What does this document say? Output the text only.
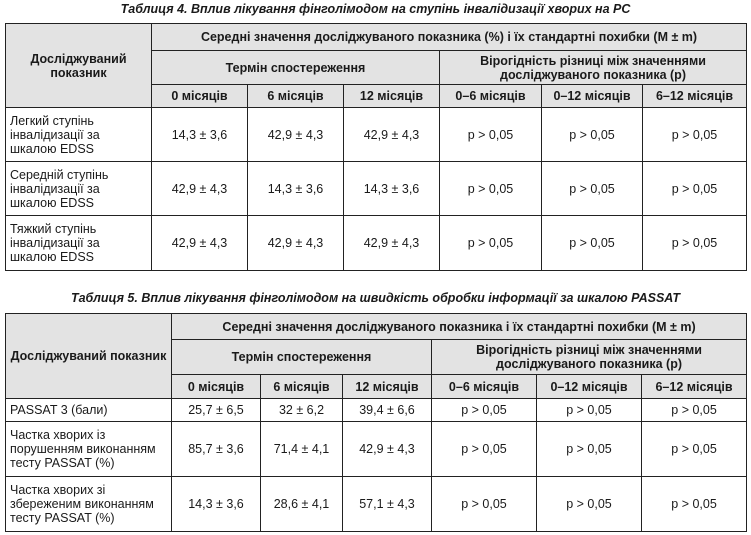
Таблиця 4. Вплив лікування фінголімодом на ступінь інвалідизації хворих на РС
Досліджуваний показник	Середні значення досліджуваного показника (%) і їх стандартні похибки (M ± m)					
	Термін спостереження			Вірогідність різниці між значеннями досліджуваного показника (p)		
	0 місяців	6 місяців	12 місяців	0–6 місяців	0–12 місяців	6–12 місяців
Легкий ступінь інвалідизації за шкалою EDSS	14,3 ± 3,6	42,9 ± 4,3	42,9 ± 4,3	p > 0,05	p > 0,05	p > 0,05
Середній ступінь інвалідизації за шкалою EDSS	42,9 ± 4,3	14,3 ± 3,6	14,3 ± 3,6	p > 0,05	p > 0,05	p > 0,05
Тяжкий ступінь інвалідизації за шкалою EDSS	42,9 ± 4,3	42,9 ± 4,3	42,9 ± 4,3	p > 0,05	p > 0,05	p > 0,05
Таблиця 5. Вплив лікування фінголімодом на швидкість обробки інформації за шкалою PASSAT
Досліджуваний показник	Середні значення досліджуваного показника і їх стандартні похибки (M ± m)					
	Термін спостереження			Вірогідність різниці між значеннями досліджуваного показника (p)		
	0 місяців	6 місяців	12 місяців	0–6 місяців	0–12 місяців	6–12 місяців
PASSAT 3 (бали)	25,7 ± 6,5	32 ± 6,2	39,4 ± 6,6	p > 0,05	p > 0,05	p > 0,05
Частка хворих із порушенням виконанням тесту PASSAT (%)	85,7 ± 3,6	71,4 ± 4,1	42,9 ± 4,3	p > 0,05	p > 0,05	p > 0,05
Частка хворих зі збереженим виконанням тесту PASSAT (%)	14,3 ± 3,6	28,6 ± 4,1	57,1 ± 4,3	p > 0,05	p > 0,05	p > 0,05
